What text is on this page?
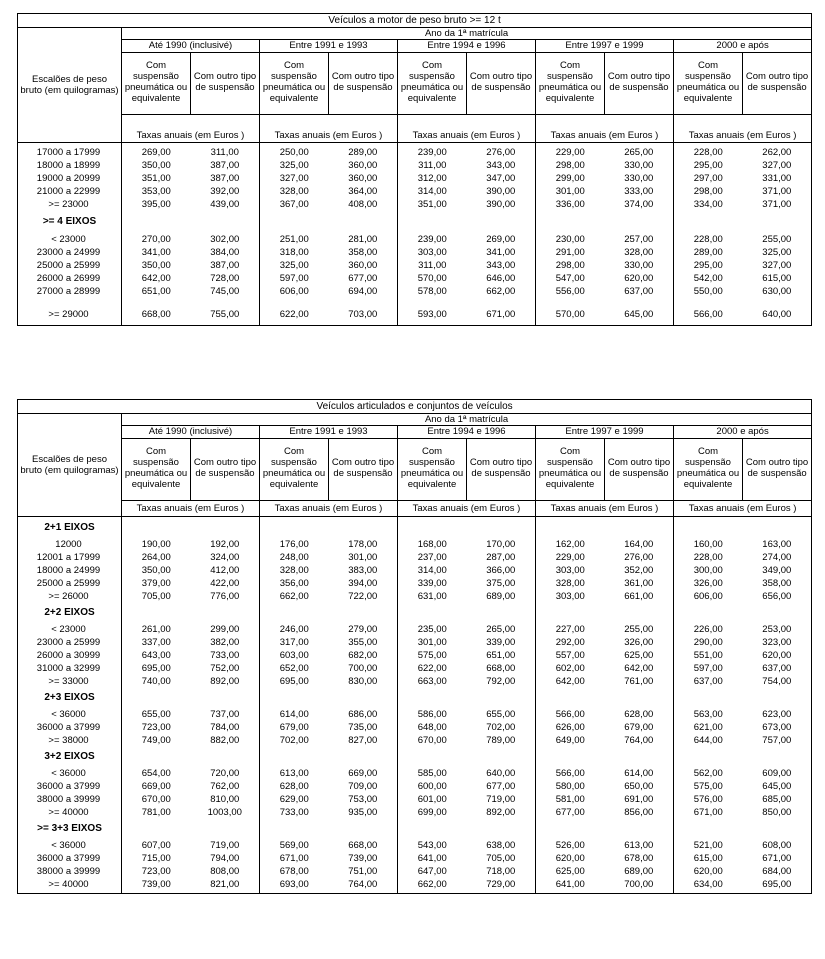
Veículos a motor de peso bruto >= 12 t										
Escalões de peso bruto (em quilogramas)	Ano da 1ª matrícula									
	Até 1990 (inclusivé)		Entre 1991 e 1993		Entre 1994 e 1996		Entre 1997 e 1999		2000 e após	
	Com suspensão pneumática ou equivalente	Com outro tipo de suspensão	Com suspensão pneumática ou equivalente	Com outro tipo de suspensão	Com suspensão pneumática ou equivalente	Com outro tipo de suspensão	Com suspensão pneumática ou equivalente	Com outro tipo de suspensão	Com suspensão pneumática ou equivalente	Com outro tipo de suspensão
	Taxas anuais (em Euros )		Taxas anuais (em Euros )		Taxas anuais (em Euros )		Taxas anuais (em Euros )		Taxas anuais (em Euros )	

17000 a 17999	269,00	311,00	250,00	289,00	239,00	276,00	229,00	265,00	228,00	262,00
18000 a 18999	350,00	387,00	325,00	360,00	311,00	343,00	298,00	330,00	295,00	327,00
19000 a 20999	351,00	387,00	327,00	360,00	312,00	347,00	299,00	330,00	297,00	331,00
21000 a 22999	353,00	392,00	328,00	364,00	314,00	390,00	301,00	333,00	298,00	371,00
>= 23000	395,00	439,00	367,00	408,00	351,00	390,00	336,00	374,00	334,00	371,00
>= 4 EIXOS										
< 23000	270,00	302,00	251,00	281,00	239,00	269,00	230,00	257,00	228,00	255,00
23000 a 24999	341,00	384,00	318,00	358,00	303,00	341,00	291,00	328,00	289,00	325,00
25000 a 25999	350,00	387,00	325,00	360,00	311,00	343,00	298,00	330,00	295,00	327,00
26000 a 26999	642,00	728,00	597,00	677,00	570,00	646,00	547,00	620,00	542,00	615,00
27000 a 28999	651,00	745,00	606,00	694,00	578,00	662,00	556,00	637,00	550,00	630,00

>= 29000	668,00	755,00	622,00	703,00	593,00	671,00	570,00	645,00	566,00	640,00

Veículos articulados e conjuntos de veículos										
Escalões de peso bruto (em quilogramas)	Ano da 1ª matrícula									
	Até 1990 (inclusivé)		Entre 1991 e 1993		Entre 1994 e 1996		Entre 1997 e 1999		2000 e após	
	Com suspensão pneumática ou equivalente	Com outro tipo de suspensão	Com suspensão pneumática ou equivalente	Com outro tipo de suspensão	Com suspensão pneumática ou equivalente	Com outro tipo de suspensão	Com suspensão pneumática ou equivalente	Com outro tipo de suspensão	Com suspensão pneumática ou equivalente	Com outro tipo de suspensão
	Taxas anuais (em Euros )		Taxas anuais (em Euros )		Taxas anuais (em Euros )		Taxas anuais (em Euros )		Taxas anuais (em Euros )	

2+1 EIXOS										
12000	190,00	192,00	176,00	178,00	168,00	170,00	162,00	164,00	160,00	163,00
12001 a 17999	264,00	324,00	248,00	301,00	237,00	287,00	229,00	276,00	228,00	274,00
18000 a 24999	350,00	412,00	328,00	383,00	314,00	366,00	303,00	352,00	300,00	349,00
25000 a 25999	379,00	422,00	356,00	394,00	339,00	375,00	328,00	361,00	326,00	358,00
>= 26000	705,00	776,00	662,00	722,00	631,00	689,00	303,00	661,00	606,00	656,00
2+2 EIXOS										
< 23000	261,00	299,00	246,00	279,00	235,00	265,00	227,00	255,00	226,00	253,00
23000 a 25999	337,00	382,00	317,00	355,00	301,00	339,00	292,00	326,00	290,00	323,00
26000 a 30999	643,00	733,00	603,00	682,00	575,00	651,00	557,00	625,00	551,00	620,00
31000 a 32999	695,00	752,00	652,00	700,00	622,00	668,00	602,00	642,00	597,00	637,00
>= 33000	740,00	892,00	695,00	830,00	663,00	792,00	642,00	761,00	637,00	754,00
2+3 EIXOS										
< 36000	655,00	737,00	614,00	686,00	586,00	655,00	566,00	628,00	563,00	623,00
36000 a 37999	723,00	784,00	679,00	735,00	648,00	702,00	626,00	679,00	621,00	673,00
>= 38000	749,00	882,00	702,00	827,00	670,00	789,00	649,00	764,00	644,00	757,00
3+2 EIXOS										
< 36000	654,00	720,00	613,00	669,00	585,00	640,00	566,00	614,00	562,00	609,00
36000 a 37999	669,00	762,00	628,00	709,00	600,00	677,00	580,00	650,00	575,00	645,00
38000 a 39999	670,00	810,00	629,00	753,00	601,00	719,00	581,00	691,00	576,00	685,00
>= 40000	781,00	1003,00	733,00	935,00	699,00	892,00	677,00	856,00	671,00	850,00
>= 3+3 EIXOS										
< 36000	607,00	719,00	569,00	668,00	543,00	638,00	526,00	613,00	521,00	608,00
36000 a 37999	715,00	794,00	671,00	739,00	641,00	705,00	620,00	678,00	615,00	671,00
38000 a 39999	723,00	808,00	678,00	751,00	647,00	718,00	625,00	689,00	620,00	684,00
>= 40000	739,00	821,00	693,00	764,00	662,00	729,00	641,00	700,00	634,00	695,00
